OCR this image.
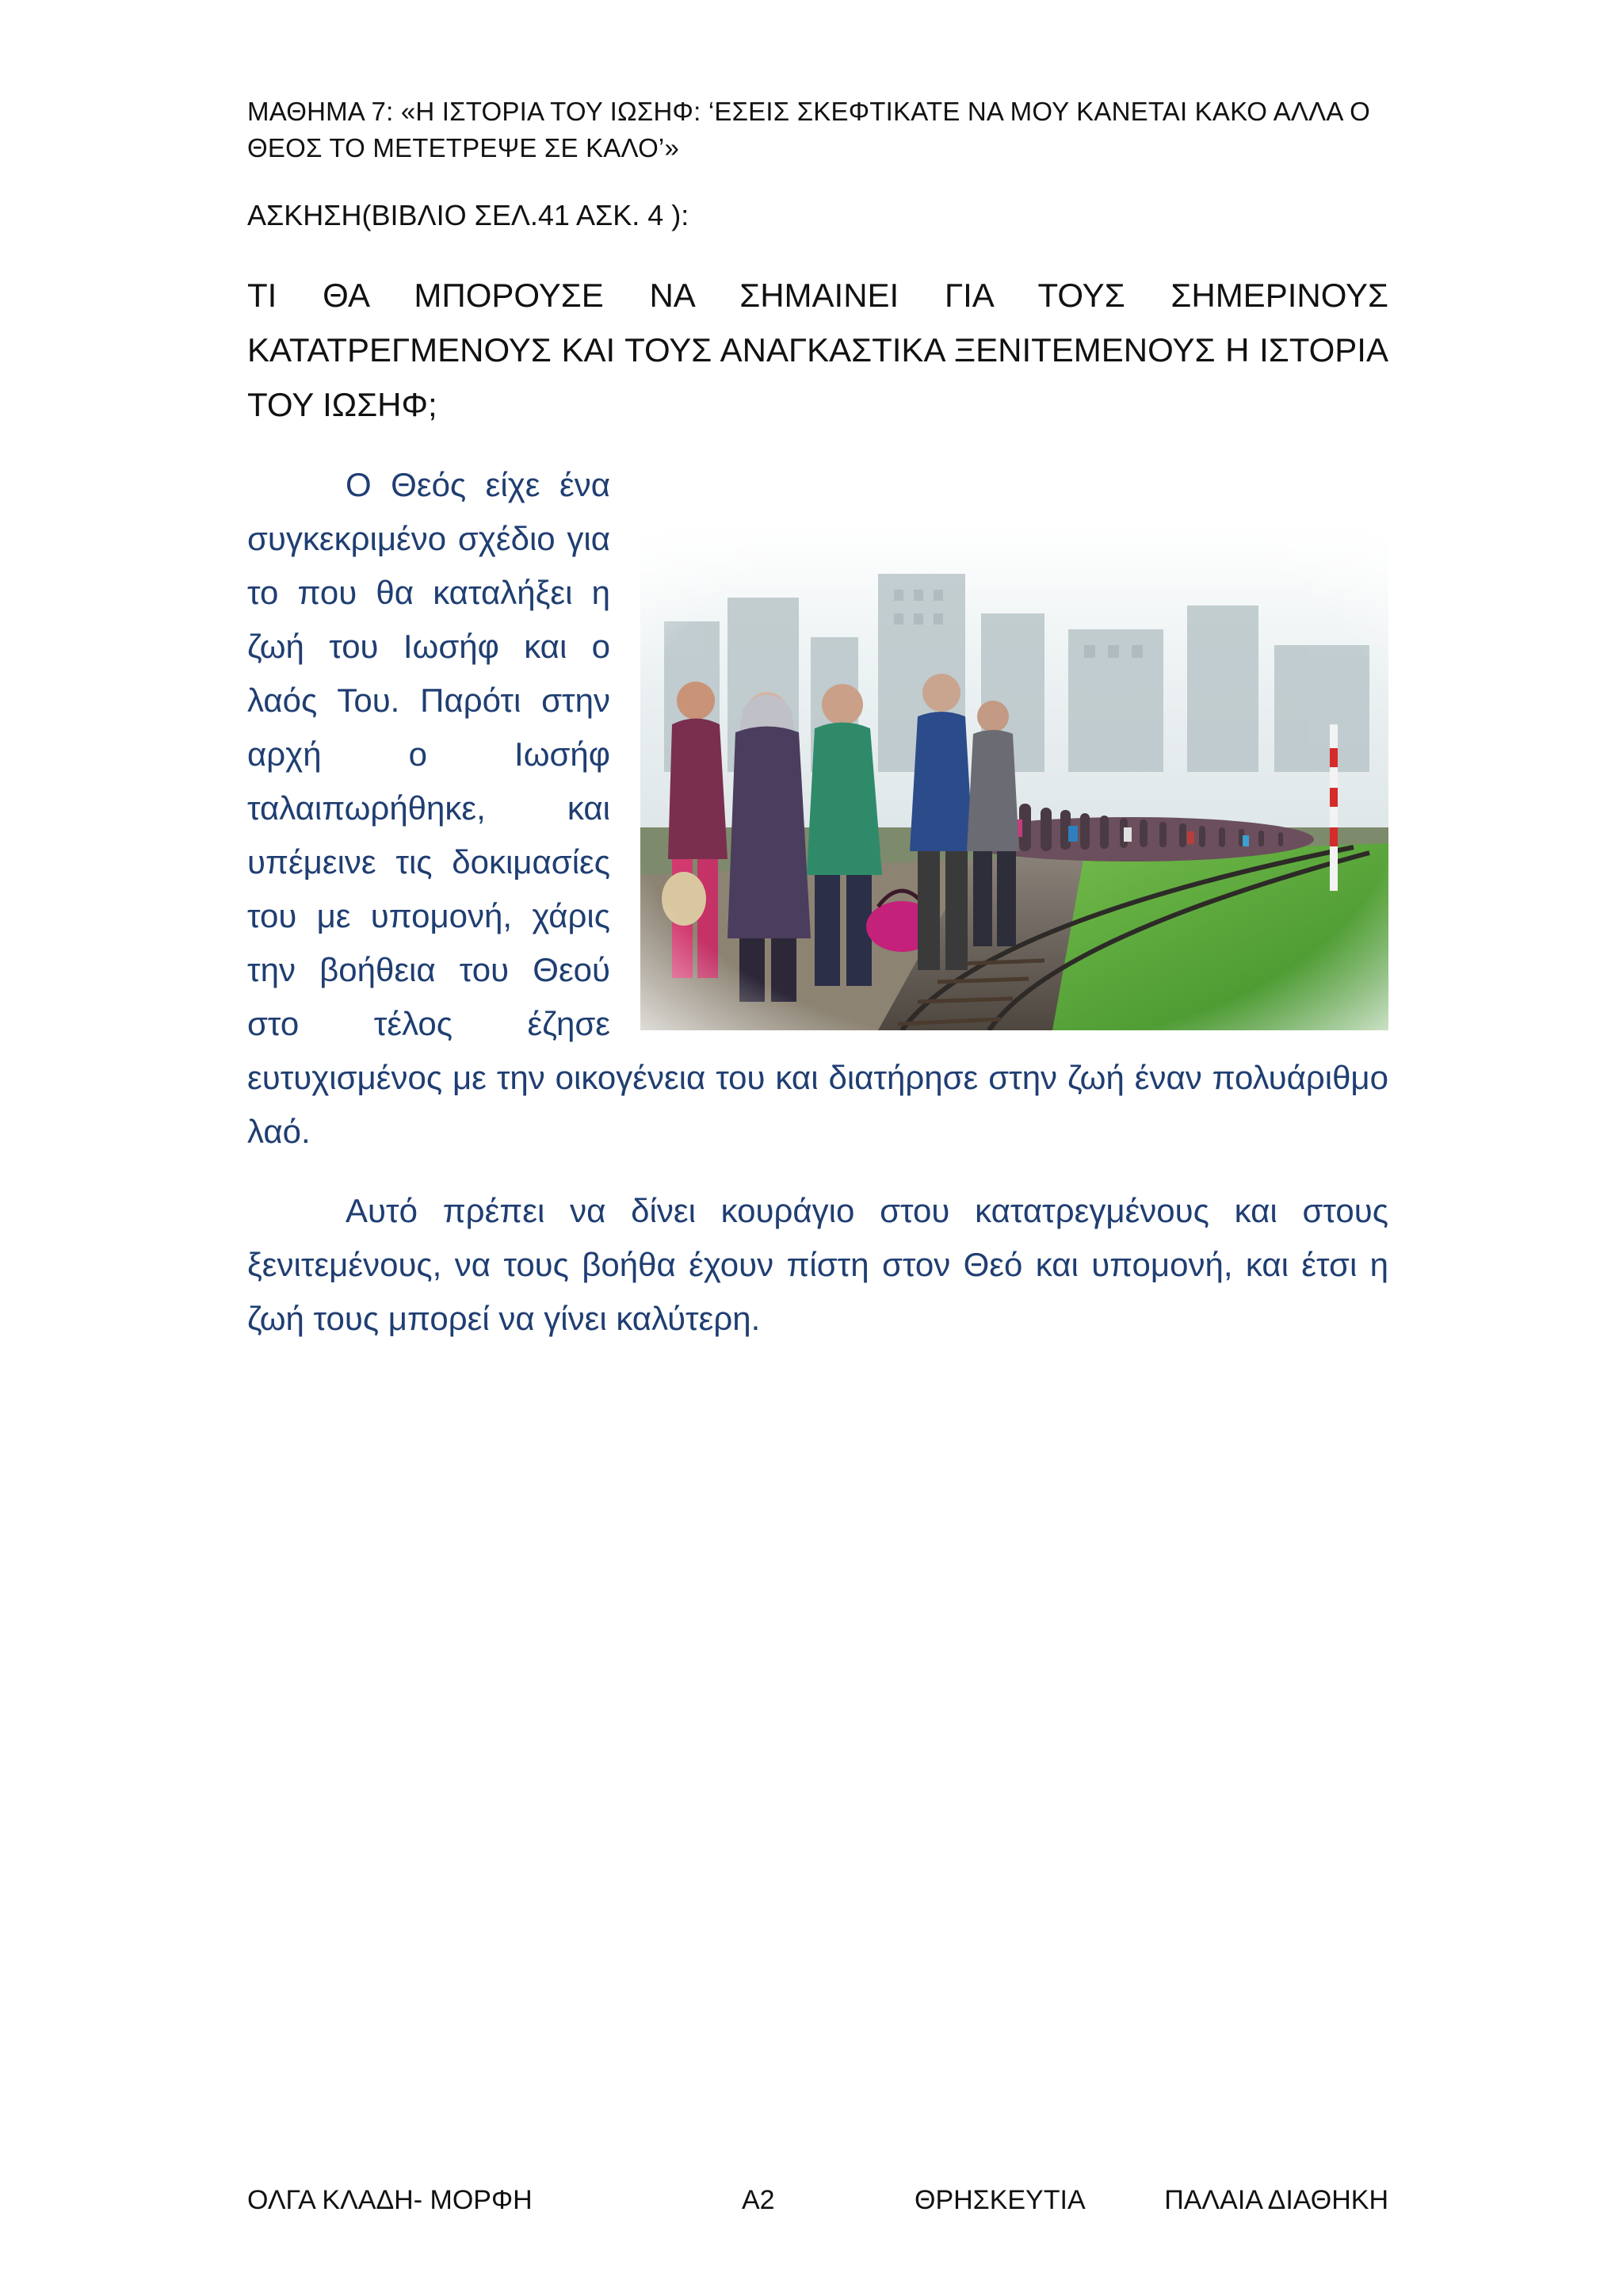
ΜΑΘΗΜΑ 7: «Η ΙΣΤΟΡΙΑ ΤΟΥ ΙΩΣΗΦ: ‘ΕΣΕΙΣ ΣΚΕΦΤΙΚΑΤΕ ΝΑ ΜΟΥ ΚΑΝΕΤΑΙ ΚΑΚΟ ΑΛΛΑ Ο ΘΕΟΣ ΤΟ ΜΕΤΕΤΡΕΨΕ ΣΕ ΚΑΛΟ’»
ΑΣΚΗΣΗ(ΒΙΒΛΙΟ ΣΕΛ.41 ΑΣΚ. 4 ):
ΤΙ ΘΑ ΜΠΟΡΟΥΣΕ ΝΑ ΣΗΜΑΙΝΕΙ ΓΙΑ ΤΟΥΣ ΣΗΜΕΡΙΝΟΥΣ ΚΑΤΑΤΡΕΓΜΕΝΟΥΣ ΚΑΙ ΤΟΥΣ ΑΝΑΓΚΑΣΤΙΚΑ ΞΕΝΙΤΕΜΕΝΟΥΣ Η ΙΣΤΟΡΙΑ ΤΟΥ ΙΩΣΗΦ;

Ο Θεός είχε ένα συγκεκριμένο σχέδιο για το που θα καταλήξει η ζωή του Ιωσήφ και ο λαός Του. Παρότι στην αρχή ο Ιωσήφ ταλαιπωρήθηκε, και υπέμεινε τις δοκιμασίες του με υπομονή, χάρις την βοήθεια του Θεού στο τέλος έζησε ευτυχισμένος με την οικογένεια του και διατήρησε στην ζωή έναν πολυάριθμο λαό.

Αυτό πρέπει να δίνει κουράγιο στου κατατρεγμένους και στους ξενιτεμένους, να τους βοήθα έχουν πίστη στον Θεό και υπομονή, και έτσι η ζωή τους μπορεί να γίνει καλύτερη.

ΟΛΓΑ ΚΛΑΔΗ- ΜΟΡΦΗ	Α2	ΘΡΗΣΚΕΥΤΙΑ	ΠΑΛΑΙΑ ΔΙΑΘΗΚΗ
